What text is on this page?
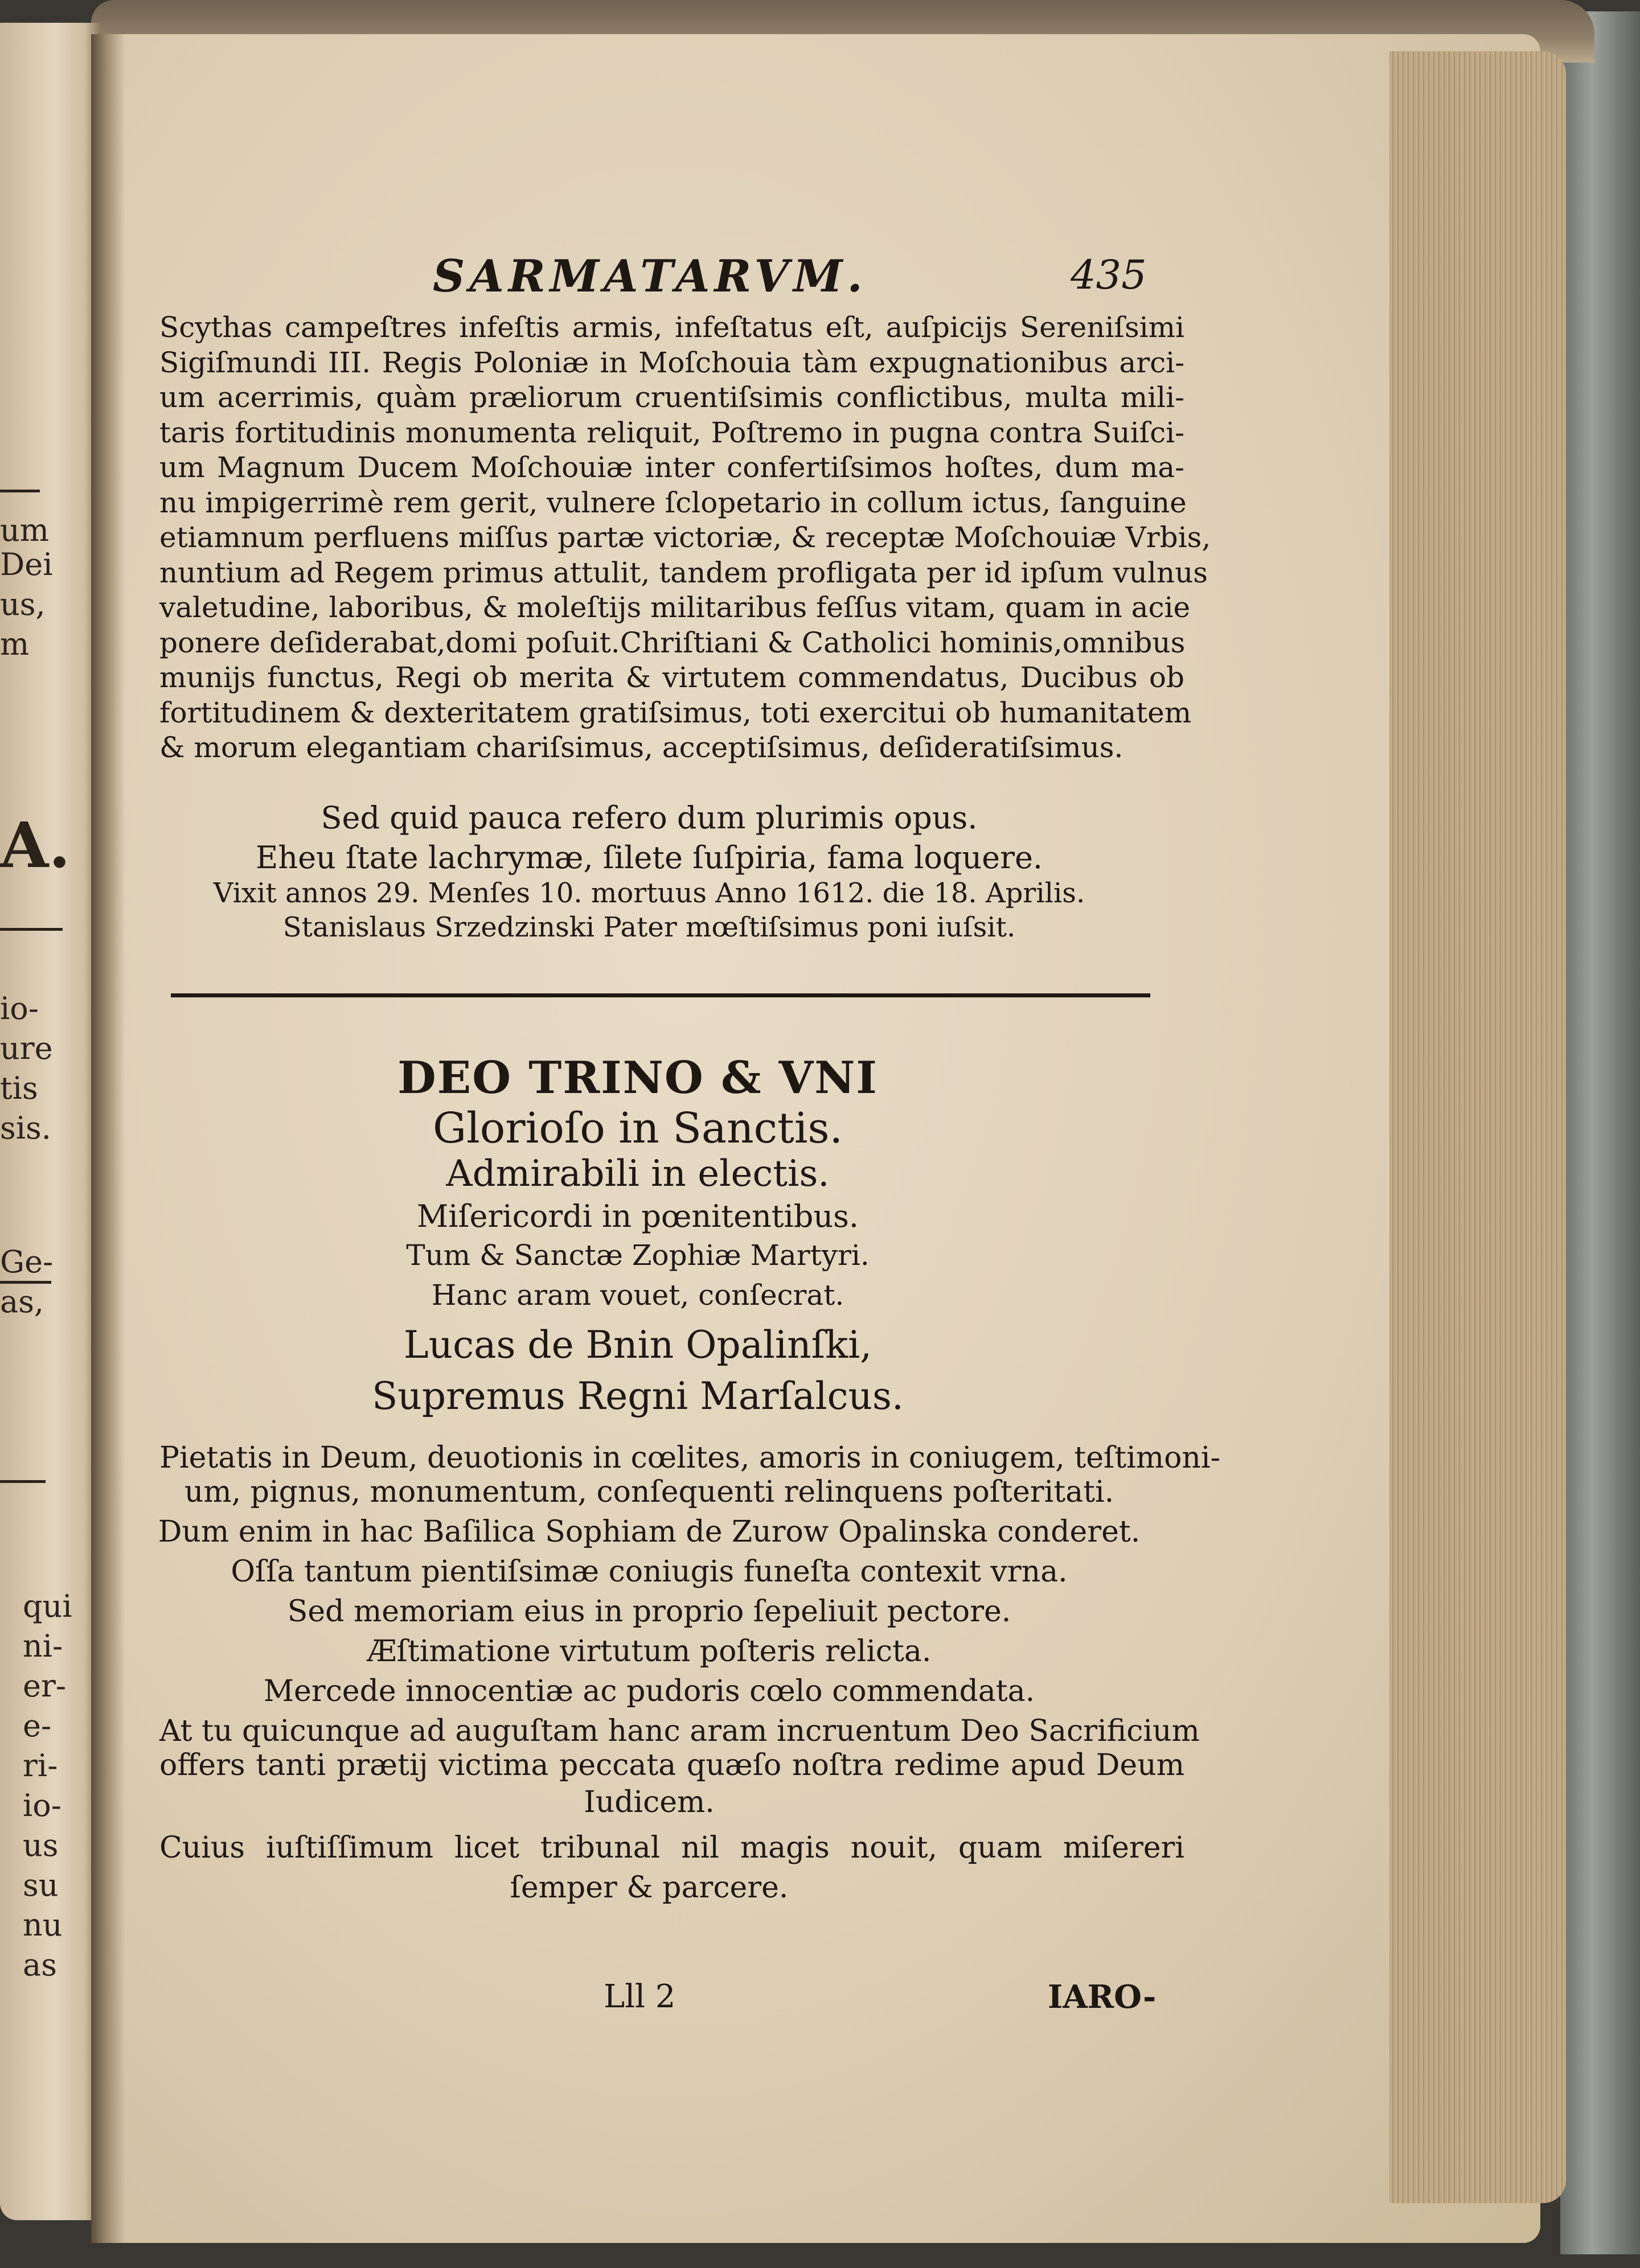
um
Dei
us,
m
A.
io-
ure
tis
sis.
Ge-
as,
qui
ni-
er-
e-
ri-
io-
us
su
nu
as
SARMATARVM.	435
Scythas campeſtres infeſtis armis, infeſtatus eſt, auſpicijs Sereniſsimi
Sigiſmundi III. Regis Poloniæ in Moſchouia tàm expugnationibus arci-
um acerrimis, quàm præliorum cruentiſsimis conflictibus, multa mili-
taris fortitudinis monumenta reliquit, Poſtremo in pugna contra Suiſci-
um Magnum Ducem Moſchouiæ inter confertiſsimos hoſtes, dum ma-
nu impigerrimè rem gerit, vulnere ſclopetario in collum ictus, ſanguine
etiamnum perfluens miſſus partæ victoriæ, & receptæ Moſchouiæ Vrbis,
nuntium ad Regem primus attulit, tandem profligata per id ipſum vulnus
valetudine, laboribus, & moleſtijs militaribus feſſus vitam, quam in acie
ponere deſiderabat,domi poſuit.Chriſtiani & Catholici hominis,omnibus
munijs functus, Regi ob merita & virtutem commendatus, Ducibus ob
fortitudinem & dexteritatem gratiſsimus, toti exercitui ob humanitatem
& morum elegantiam chariſsimus, acceptiſsimus, deſideratiſsimus.
Sed quid pauca refero dum plurimis opus.
Eheu ſtate lachrymæ, ſilete ſuſpiria, fama loquere.
Vixit annos 29. Menſes 10. mortuus Anno 1612. die 18. Aprilis.
Stanislaus Srzedzinski Pater mœſtiſsimus poni iuſsit.
DEO TRINO & VNI
Glorioſo in Sanctis.
Admirabili in electis.
Miſericordi in pœnitentibus.
Tum & Sanctæ Zophiæ Martyri.
Hanc aram vouet, conſecrat.
Lucas de Bnin Opalinſki,
Supremus Regni Marſalcus.
Pietatis in Deum, deuotionis in cœlites, amoris in coniugem, teſtimoni-
um, pignus, monumentum, conſequenti relinquens poſteritati.
Dum enim in hac Baſilica Sophiam de Zurow Opalinska conderet.
Oſſa tantum pientiſsimæ coniugis funeſta contexit vrna.
Sed memoriam eius in proprio ſepeliuit pectore.
Æſtimatione virtutum poſteris relicta.
Mercede innocentiæ ac pudoris cœlo commendata.
At tu quicunque ad auguſtam hanc aram incruentum Deo Sacrificium
offers tanti prætij victima peccata quæſo noſtra redime apud Deum
Iudicem.
Cuius iuſtiſſimum licet tribunal nil magis nouit, quam miſereri
ſemper & parcere.
Lll 2	IARO-
